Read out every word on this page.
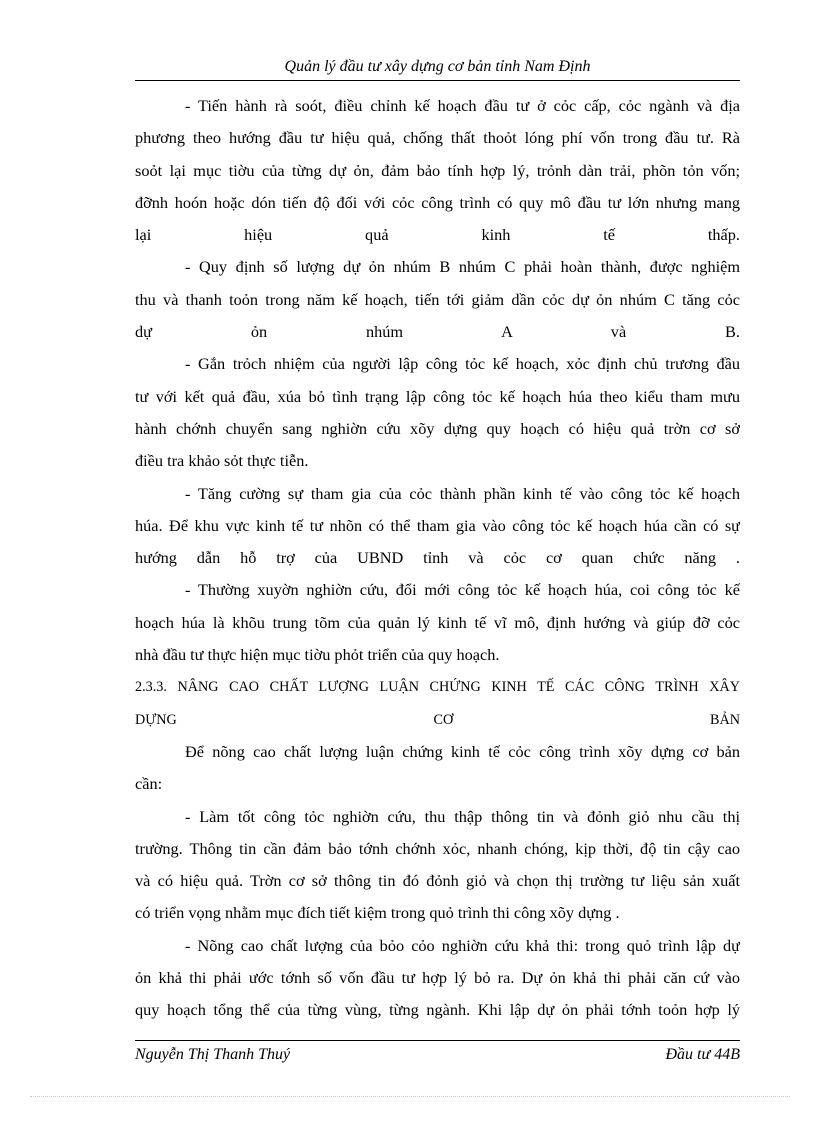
Quản lý đầu tư xây dựng cơ bản tỉnh Nam Định
- Tiến hành rà soót, điều chỉnh kế hoạch đầu tư ở cỏc cấp, cỏc ngành và địa
phương theo hướng đầu tư hiệu quả, chống thất thoỏt lóng phí vốn trong đầu tư. Rà
soỏt lại mục tiờu của từng dự ỏn, đảm bảo tính hợp lý, trỏnh dàn trải, phõn tỏn vốn;
đỡnh hoón hoặc dón tiến độ đối với cỏc công trình có quy mô đầu tư lớn nhưng mang
lại hiệu quả kinh tế thấp.
- Quy định số lượng dự ỏn nhúm B nhúm C phải hoàn thành, được nghiệm
thu và thanh toỏn trong năm kế hoạch, tiến tới giảm dần cỏc dự ỏn nhúm C tăng cỏc
dự ỏn nhúm A và B.
- Gắn trỏch nhiệm của người lập công tỏc kế hoạch, xỏc định chủ trương đầu
tư với kết quả đầu, xúa bỏ tình trạng lập công tỏc kế hoạch húa theo kiểu tham mưu
hành chớnh chuyển sang nghiờn cứu xõy dựng quy hoạch có hiệu quả trờn cơ sở
điều tra khảo sỏt thực tiễn.
- Tăng cường sự tham gia của cỏc thành phần kinh tế vào công tỏc kế hoạch
húa. Để khu vực kinh tế tư nhõn có thể tham gia vào công tỏc kế hoạch húa cần có sự
hướng dẫn hỗ trợ của UBND tỉnh và cỏc cơ quan chức năng .
- Thường xuyờn nghiờn cứu, đổi mới công tỏc kế hoạch húa, coi công tỏc kế
hoạch húa là khõu trung tõm của quản lý kinh tế vĩ mô, định hướng và giúp đỡ cỏc
nhà đầu tư thực hiện mục tiờu phỏt triển của quy hoạch.
2.3.3. NÂNG CAO CHẤT LƯỢNG LUẬN CHỨNG KINH TẾ CÁC CÔNG TRÌNH XÂY
DỰNG CƠ BẢN
Để nõng cao chất lượng luận chứng kinh tế cỏc công trình xõy dựng cơ bản
cần:
- Làm tốt công tỏc nghiờn cứu, thu thập thông tin và đỏnh giỏ nhu cầu thị
trường. Thông tin cần đảm bảo tớnh chớnh xỏc, nhanh chóng, kịp thời, độ tin cậy cao
và có hiệu quả. Trờn cơ sở thông tin đó đỏnh giỏ và chọn thị trường tư liệu sản xuất
có triển vọng nhằm mục đích tiết kiệm trong quỏ trình thi công xõy dựng .
- Nõng cao chất lượng của bỏo cỏo nghiờn cứu khả thi: trong quỏ trình lập dự
ỏn khả thi phải ước tớnh số vốn đầu tư hợp lý bỏ ra. Dự ỏn khả thi phải căn cứ vào
quy hoạch tổng thể của từng vùng, từng ngành. Khi lập dự ỏn phải tớnh toỏn hợp lý
Nguyễn Thị Thanh Thuý	Đầu tư 44B
